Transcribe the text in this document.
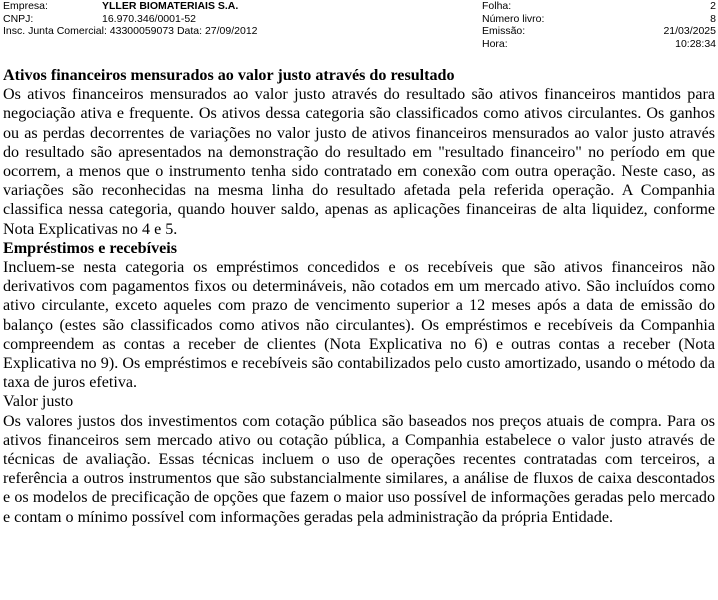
Empresa:	YLLER BIOMATERIAIS S.A.	Folha:	2
CNPJ:	16.970.346/0001-52	Número livro:	8
Insc. Junta Comercial: 43300059073 Data: 27/09/2012	Emissão:	21/03/2025
Hora:	10:28:34
Ativos financeiros mensurados ao valor justo através do resultado

Os ativos financeiros mensurados ao valor justo através do resultado são ativos financeiros mantidos para negociação ativa e frequente. Os ativos dessa categoria são classificados como ativos circulantes. Os ganhos ou as perdas decorrentes de variações no valor justo de ativos financeiros mensurados ao valor justo através do resultado são apresentados na demonstração do resultado em "resultado financeiro" no período em que ocorrem, a menos que o instrumento tenha sido contratado em conexão com outra operação. Neste caso, as variações são reconhecidas na mesma linha do resultado afetada pela referida operação. A Companhia classifica nessa categoria, quando houver saldo, apenas as aplicações financeiras de alta liquidez, conforme Nota Explicativas no 4 e 5.

Empréstimos e recebíveis

Incluem-se nesta categoria os empréstimos concedidos e os recebíveis que são ativos financeiros não derivativos com pagamentos fixos ou determináveis, não cotados em um mercado ativo. São incluídos como ativo circulante, exceto aqueles com prazo de vencimento superior a 12 meses após a data de emissão do balanço (estes são classificados como ativos não circulantes). Os empréstimos e recebíveis da Companhia compreendem as contas a receber de clientes (Nota Explicativa no 6) e outras contas a receber (Nota Explicativa no 9). Os empréstimos e recebíveis são contabilizados pelo custo amortizado, usando o método da taxa de juros efetiva.

Valor justo

Os valores justos dos investimentos com cotação pública são baseados nos preços atuais de compra. Para os ativos financeiros sem mercado ativo ou cotação pública, a Companhia estabelece o valor justo através de técnicas de avaliação. Essas técnicas incluem o uso de operações recentes contratadas com terceiros, a referência a outros instrumentos que são substancialmente similares, a análise de fluxos de caixa descontados e os modelos de precificação de opções que fazem o maior uso possível de informações geradas pelo mercado e contam o mínimo possível com informações geradas pela administração da própria Entidade.
